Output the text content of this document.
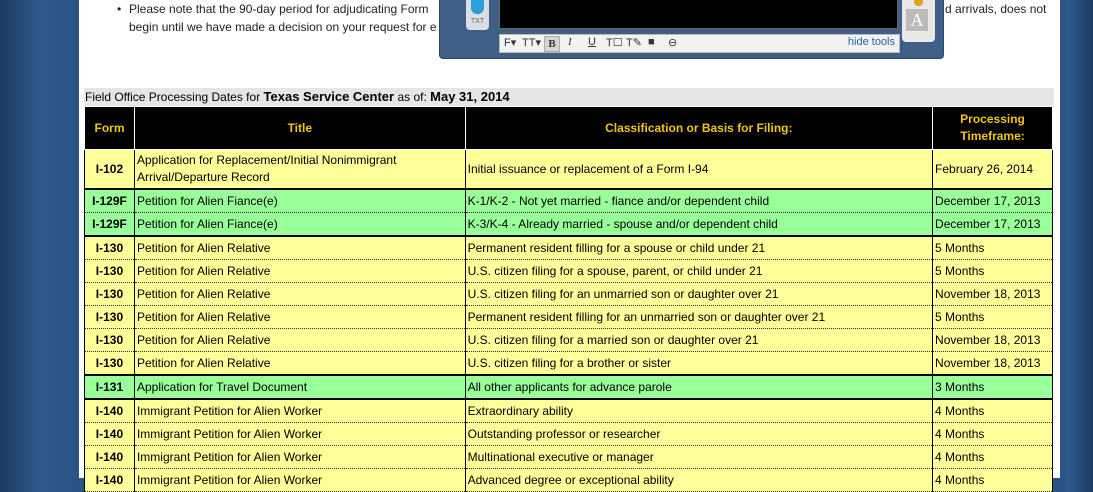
• Please note that the 90-day period for adjudicating Form	d arrivals, does not
begin until we have made a decision on your request for e
Field Office Processing Dates for Texas Service Center as of: May 31, 2014
Form	Title	Classification or Basis for Filing:	Processing Timeframe:
I-102	Application for Replacement/Initial Nonimmigrant Arrival/Departure Record	Initial issuance or replacement of a Form I-94	February 26, 2014
I-129F	Petition for Alien Fiance(e)	K-1/K-2 - Not yet married - fiance and/or dependent child	December 17, 2013
I-129F	Petition for Alien Fiance(e)	K-3/K-4 - Already married - spouse and/or dependent child	December 17, 2013
I-130	Petition for Alien Relative	Permanent resident filling for a spouse or child under 21	5 Months
I-130	Petition for Alien Relative	U.S. citizen filing for a spouse, parent, or child under 21	5 Months
I-130	Petition for Alien Relative	U.S. citizen filing for an unmarried son or daughter over 21	November 18, 2013
I-130	Petition for Alien Relative	Permanent resident filling for an unmarried son or daughter over 21	5 Months
I-130	Petition for Alien Relative	U.S. citizen filing for a married son or daughter over 21	November 18, 2013
I-130	Petition for Alien Relative	U.S. citizen filing for a brother or sister	November 18, 2013
I-131	Application for Travel Document	All other applicants for advance parole	3 Months
I-140	Immigrant Petition for Alien Worker	Extraordinary ability	4 Months
I-140	Immigrant Petition for Alien Worker	Outstanding professor or researcher	4 Months
I-140	Immigrant Petition for Alien Worker	Multinational executive or manager	4 Months
I-140	Immigrant Petition for Alien Worker	Advanced degree or exceptional ability	4 Months
TXT
F▾ TT▾ B	I U T☐ T✎ ■ ⊖	hide tools
A
